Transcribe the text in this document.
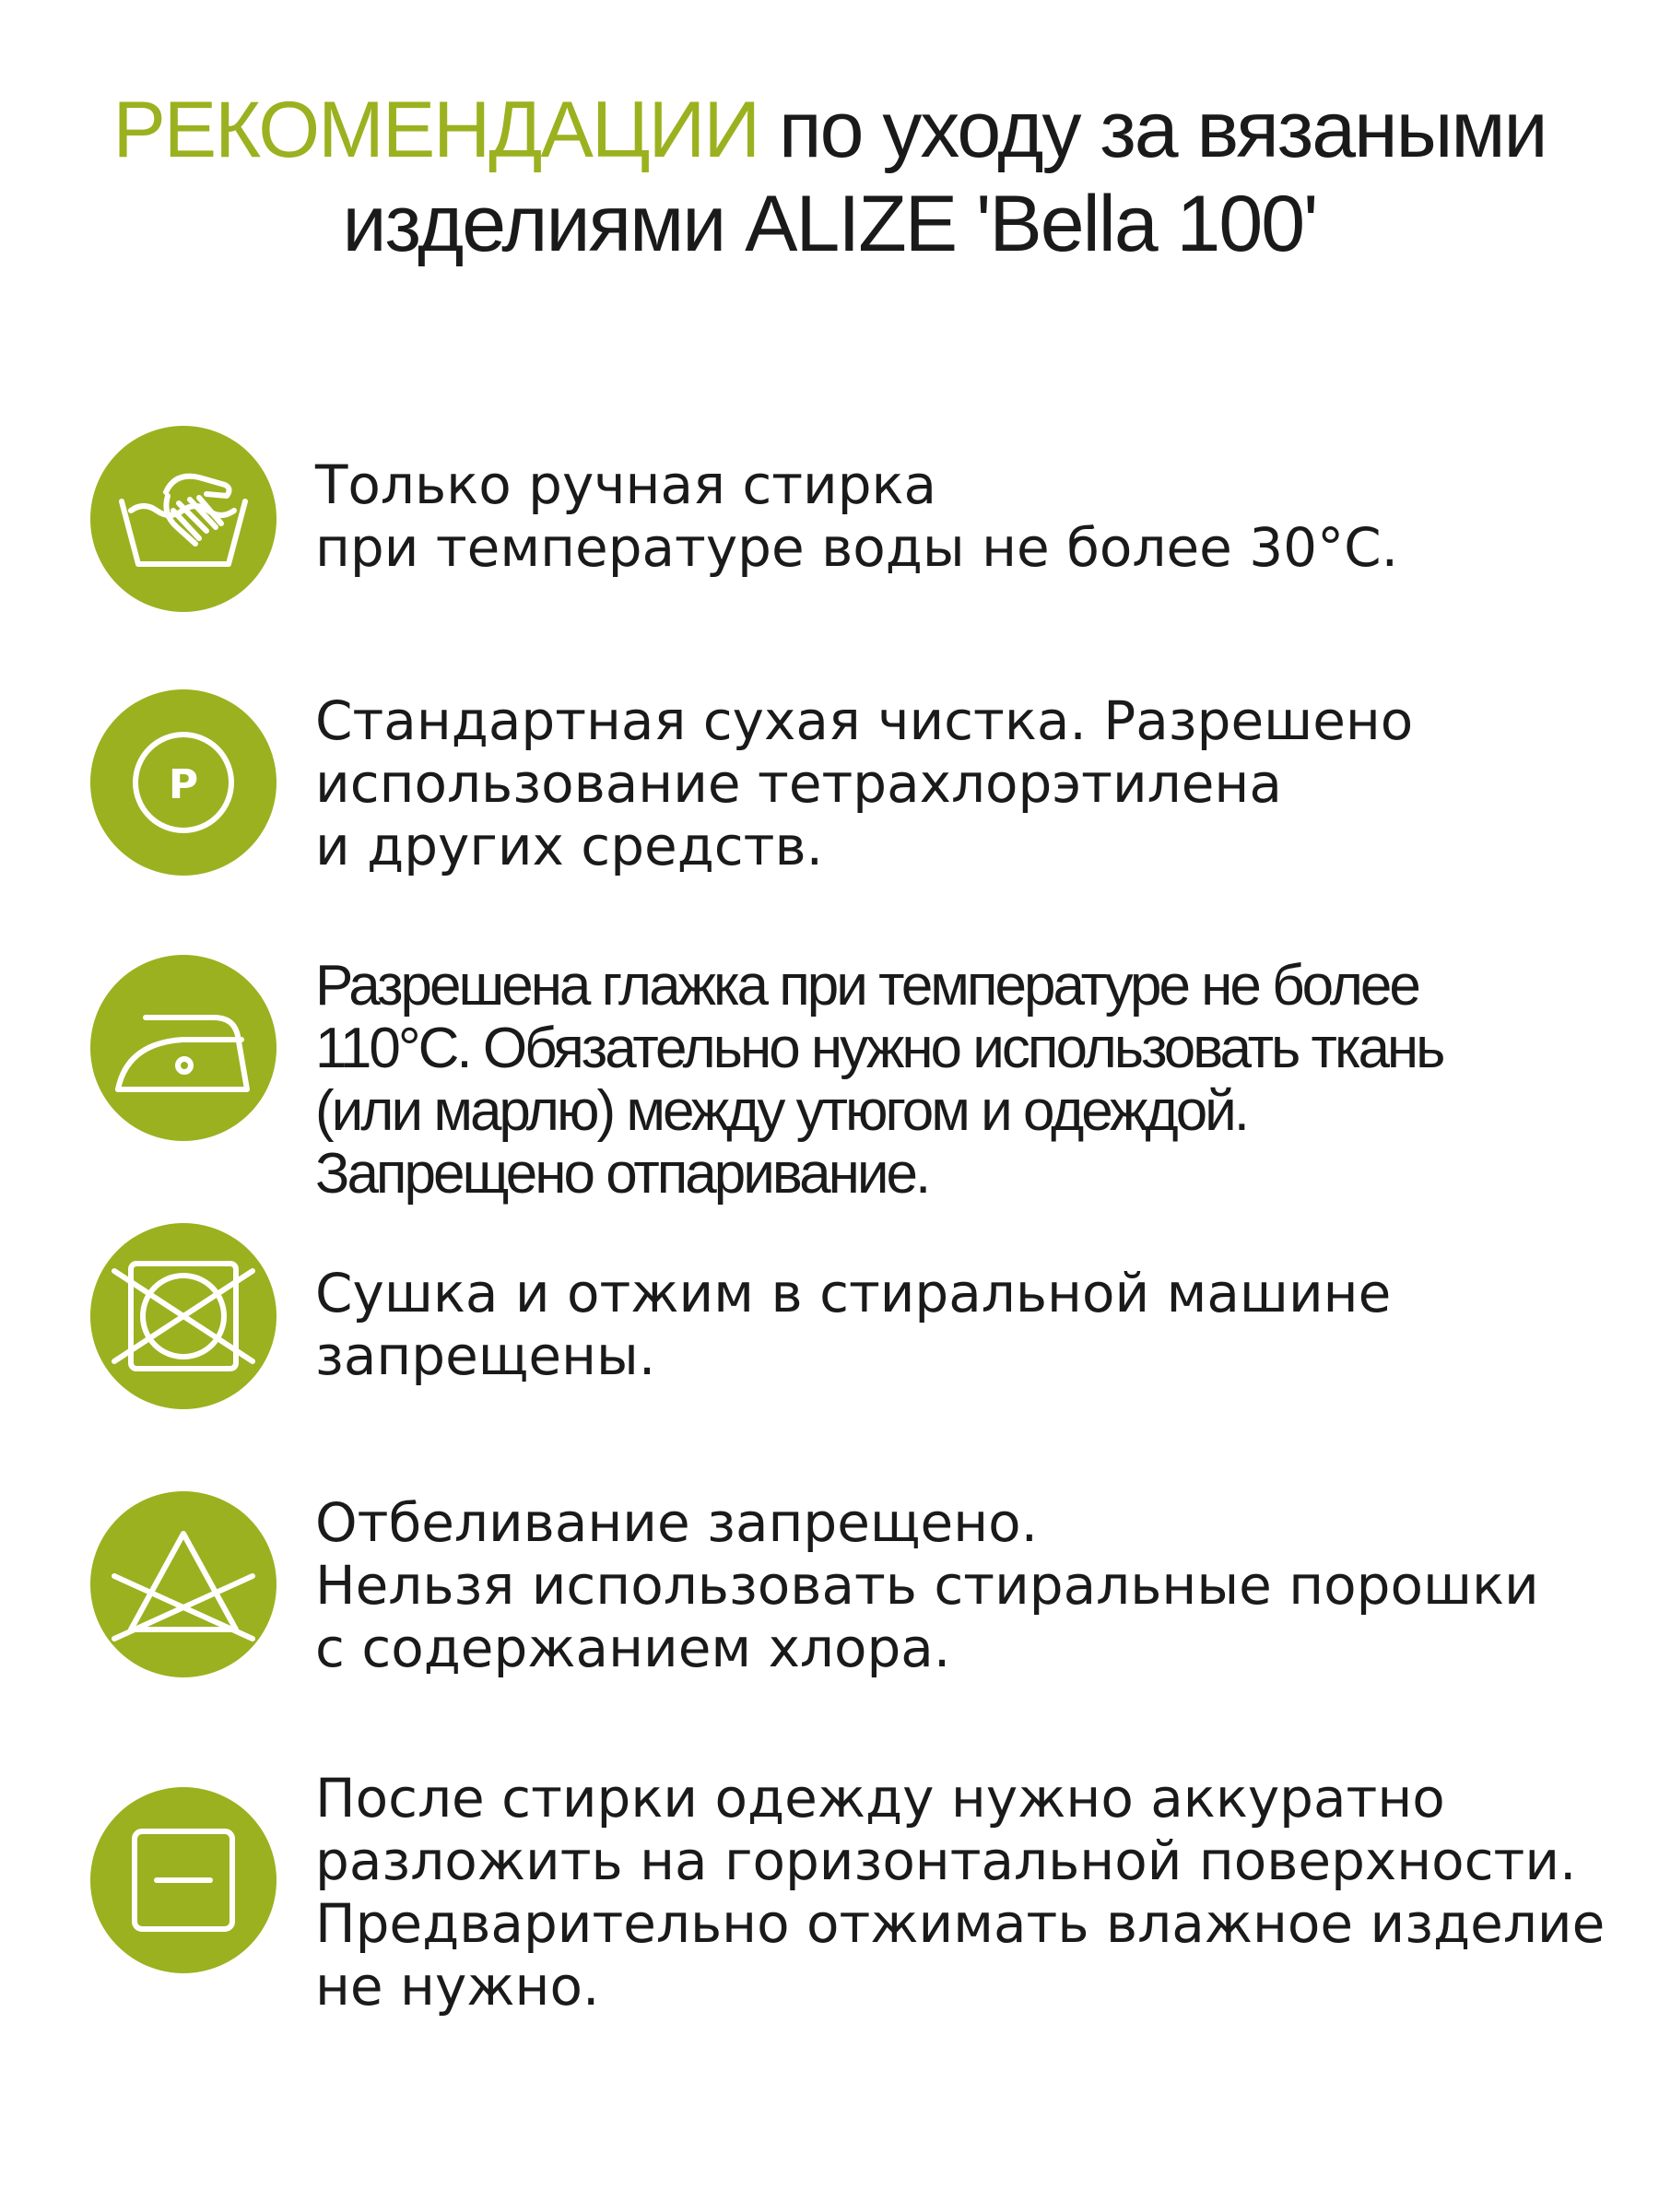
РЕКОМЕНДАЦИИ по уходу за вязаными
изделиями ALIZE 'Bella 100'
Только ручная стирка
при температуре воды не более 30°C.
P
Стандартная сухая чистка. Разрешено
использование тетрахлорэтилена
и других средств.
Разрешена глажка при температуре не более
110°C. Обязательно нужно использовать ткань
(или марлю) между утюгом и одеждой.
Запрещено отпаривание.
Сушка и отжим в стиральной машине
запрещены.
Отбеливание запрещено.
Нельзя использовать стиральные порошки
с содержанием хлора.
После стирки одежду нужно аккуратно
разложить на горизонтальной поверхности.
Предварительно отжимать влажное изделие
не нужно.
